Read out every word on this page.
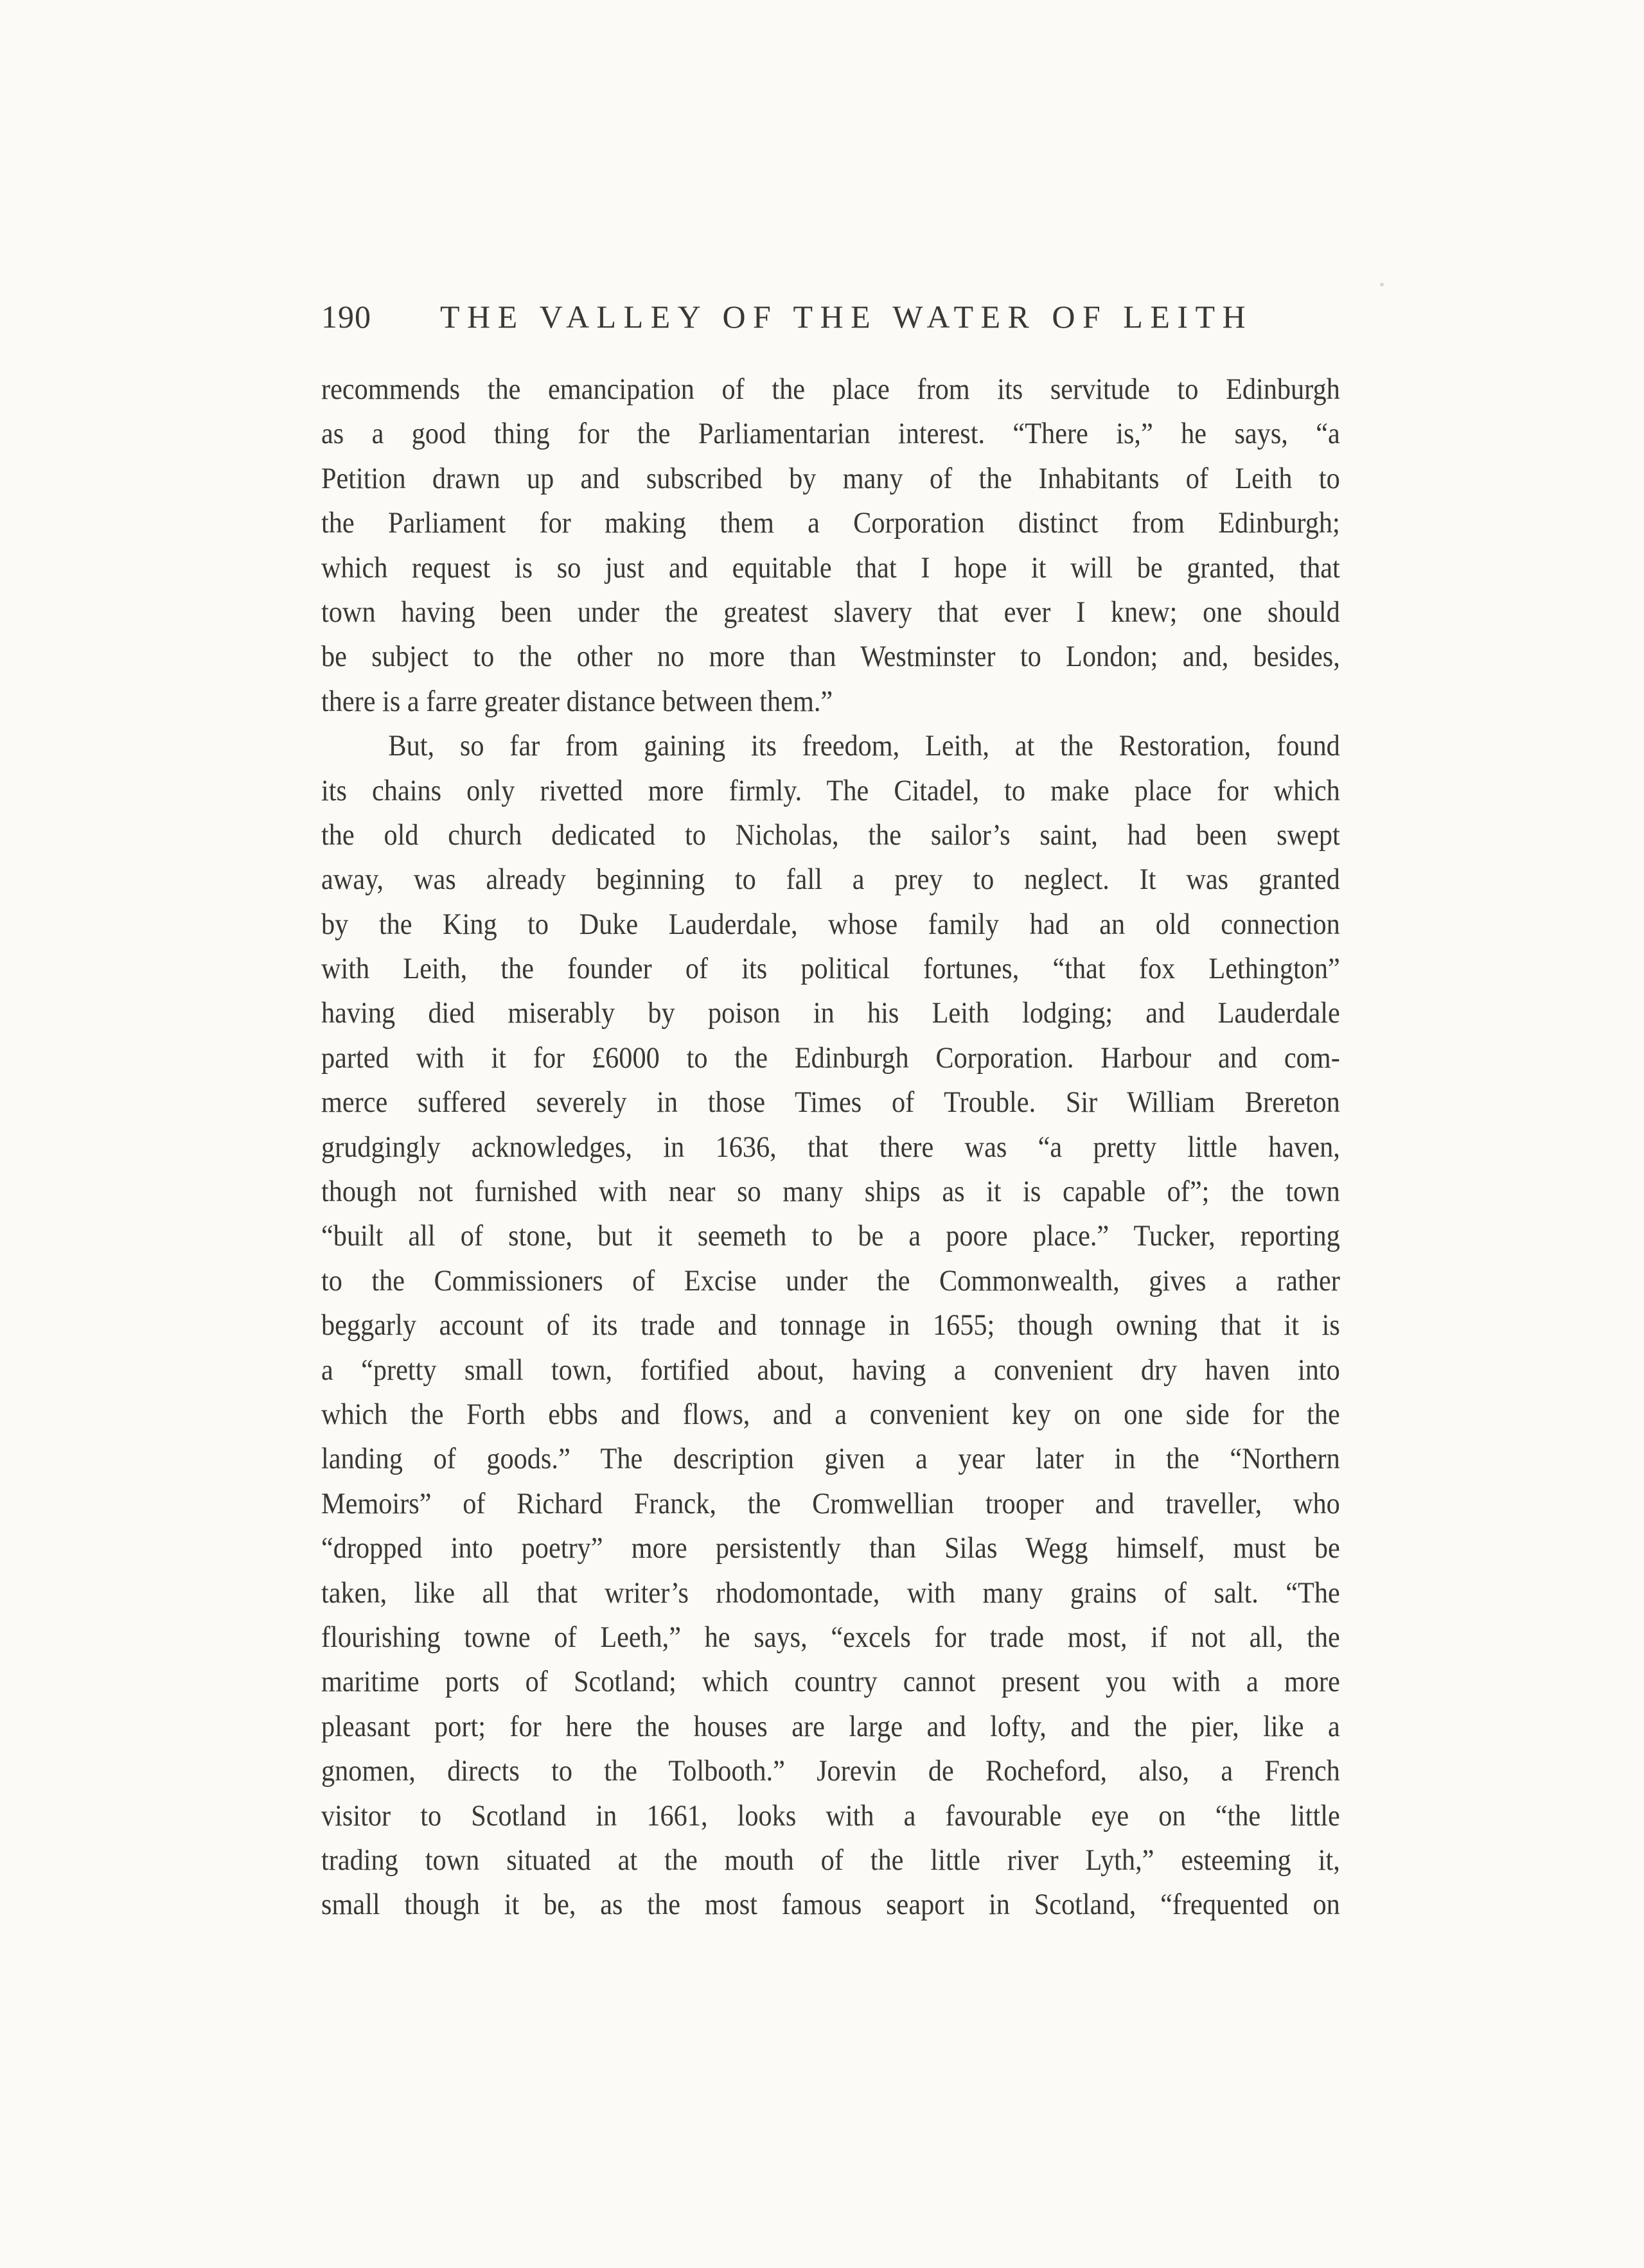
190 THE VALLEY OF THE WATER OF LEITH
recommends the emancipation of the place from its servitude to Edinburgh
as a good thing for the Parliamentarian interest. “There is,” he says, “a
Petition drawn up and subscribed by many of the Inhabitants of Leith to
the Parliament for making them a Corporation distinct from Edinburgh;
which request is so just and equitable that I hope it will be granted, that
town having been under the greatest slavery that ever I knew; one should
be subject to the other no more than Westminster to London; and, besides,
there is a farre greater distance between them.”
But, so far from gaining its freedom, Leith, at the Restoration, found
its chains only rivetted more firmly. The Citadel, to make place for which
the old church dedicated to Nicholas, the sailor’s saint, had been swept
away, was already beginning to fall a prey to neglect. It was granted
by the King to Duke Lauderdale, whose family had an old connection
with Leith, the founder of its political fortunes, “that fox Lethington”
having died miserably by poison in his Leith lodging; and Lauderdale
parted with it for £6000 to the Edinburgh Corporation. Harbour and com-
merce suffered severely in those Times of Trouble. Sir William Brereton
grudgingly acknowledges, in 1636, that there was “a pretty little haven,
though not furnished with near so many ships as it is capable of”; the town
“built all of stone, but it seemeth to be a poore place.” Tucker, reporting
to the Commissioners of Excise under the Commonwealth, gives a rather
beggarly account of its trade and tonnage in 1655; though owning that it is
a “pretty small town, fortified about, having a convenient dry haven into
which the Forth ebbs and flows, and a convenient key on one side for the
landing of goods.” The description given a year later in the “Northern
Memoirs” of Richard Franck, the Cromwellian trooper and traveller, who
“dropped into poetry” more persistently than Silas Wegg himself, must be
taken, like all that writer’s rhodomontade, with many grains of salt. “The
flourishing towne of Leeth,” he says, “excels for trade most, if not all, the
maritime ports of Scotland; which country cannot present you with a more
pleasant port; for here the houses are large and lofty, and the pier, like a
gnomen, directs to the Tolbooth.” Jorevin de Rocheford, also, a French
visitor to Scotland in 1661, looks with a favourable eye on “the little
trading town situated at the mouth of the little river Lyth,” esteeming it,
small though it be, as the most famous seaport in Scotland, “frequented on
